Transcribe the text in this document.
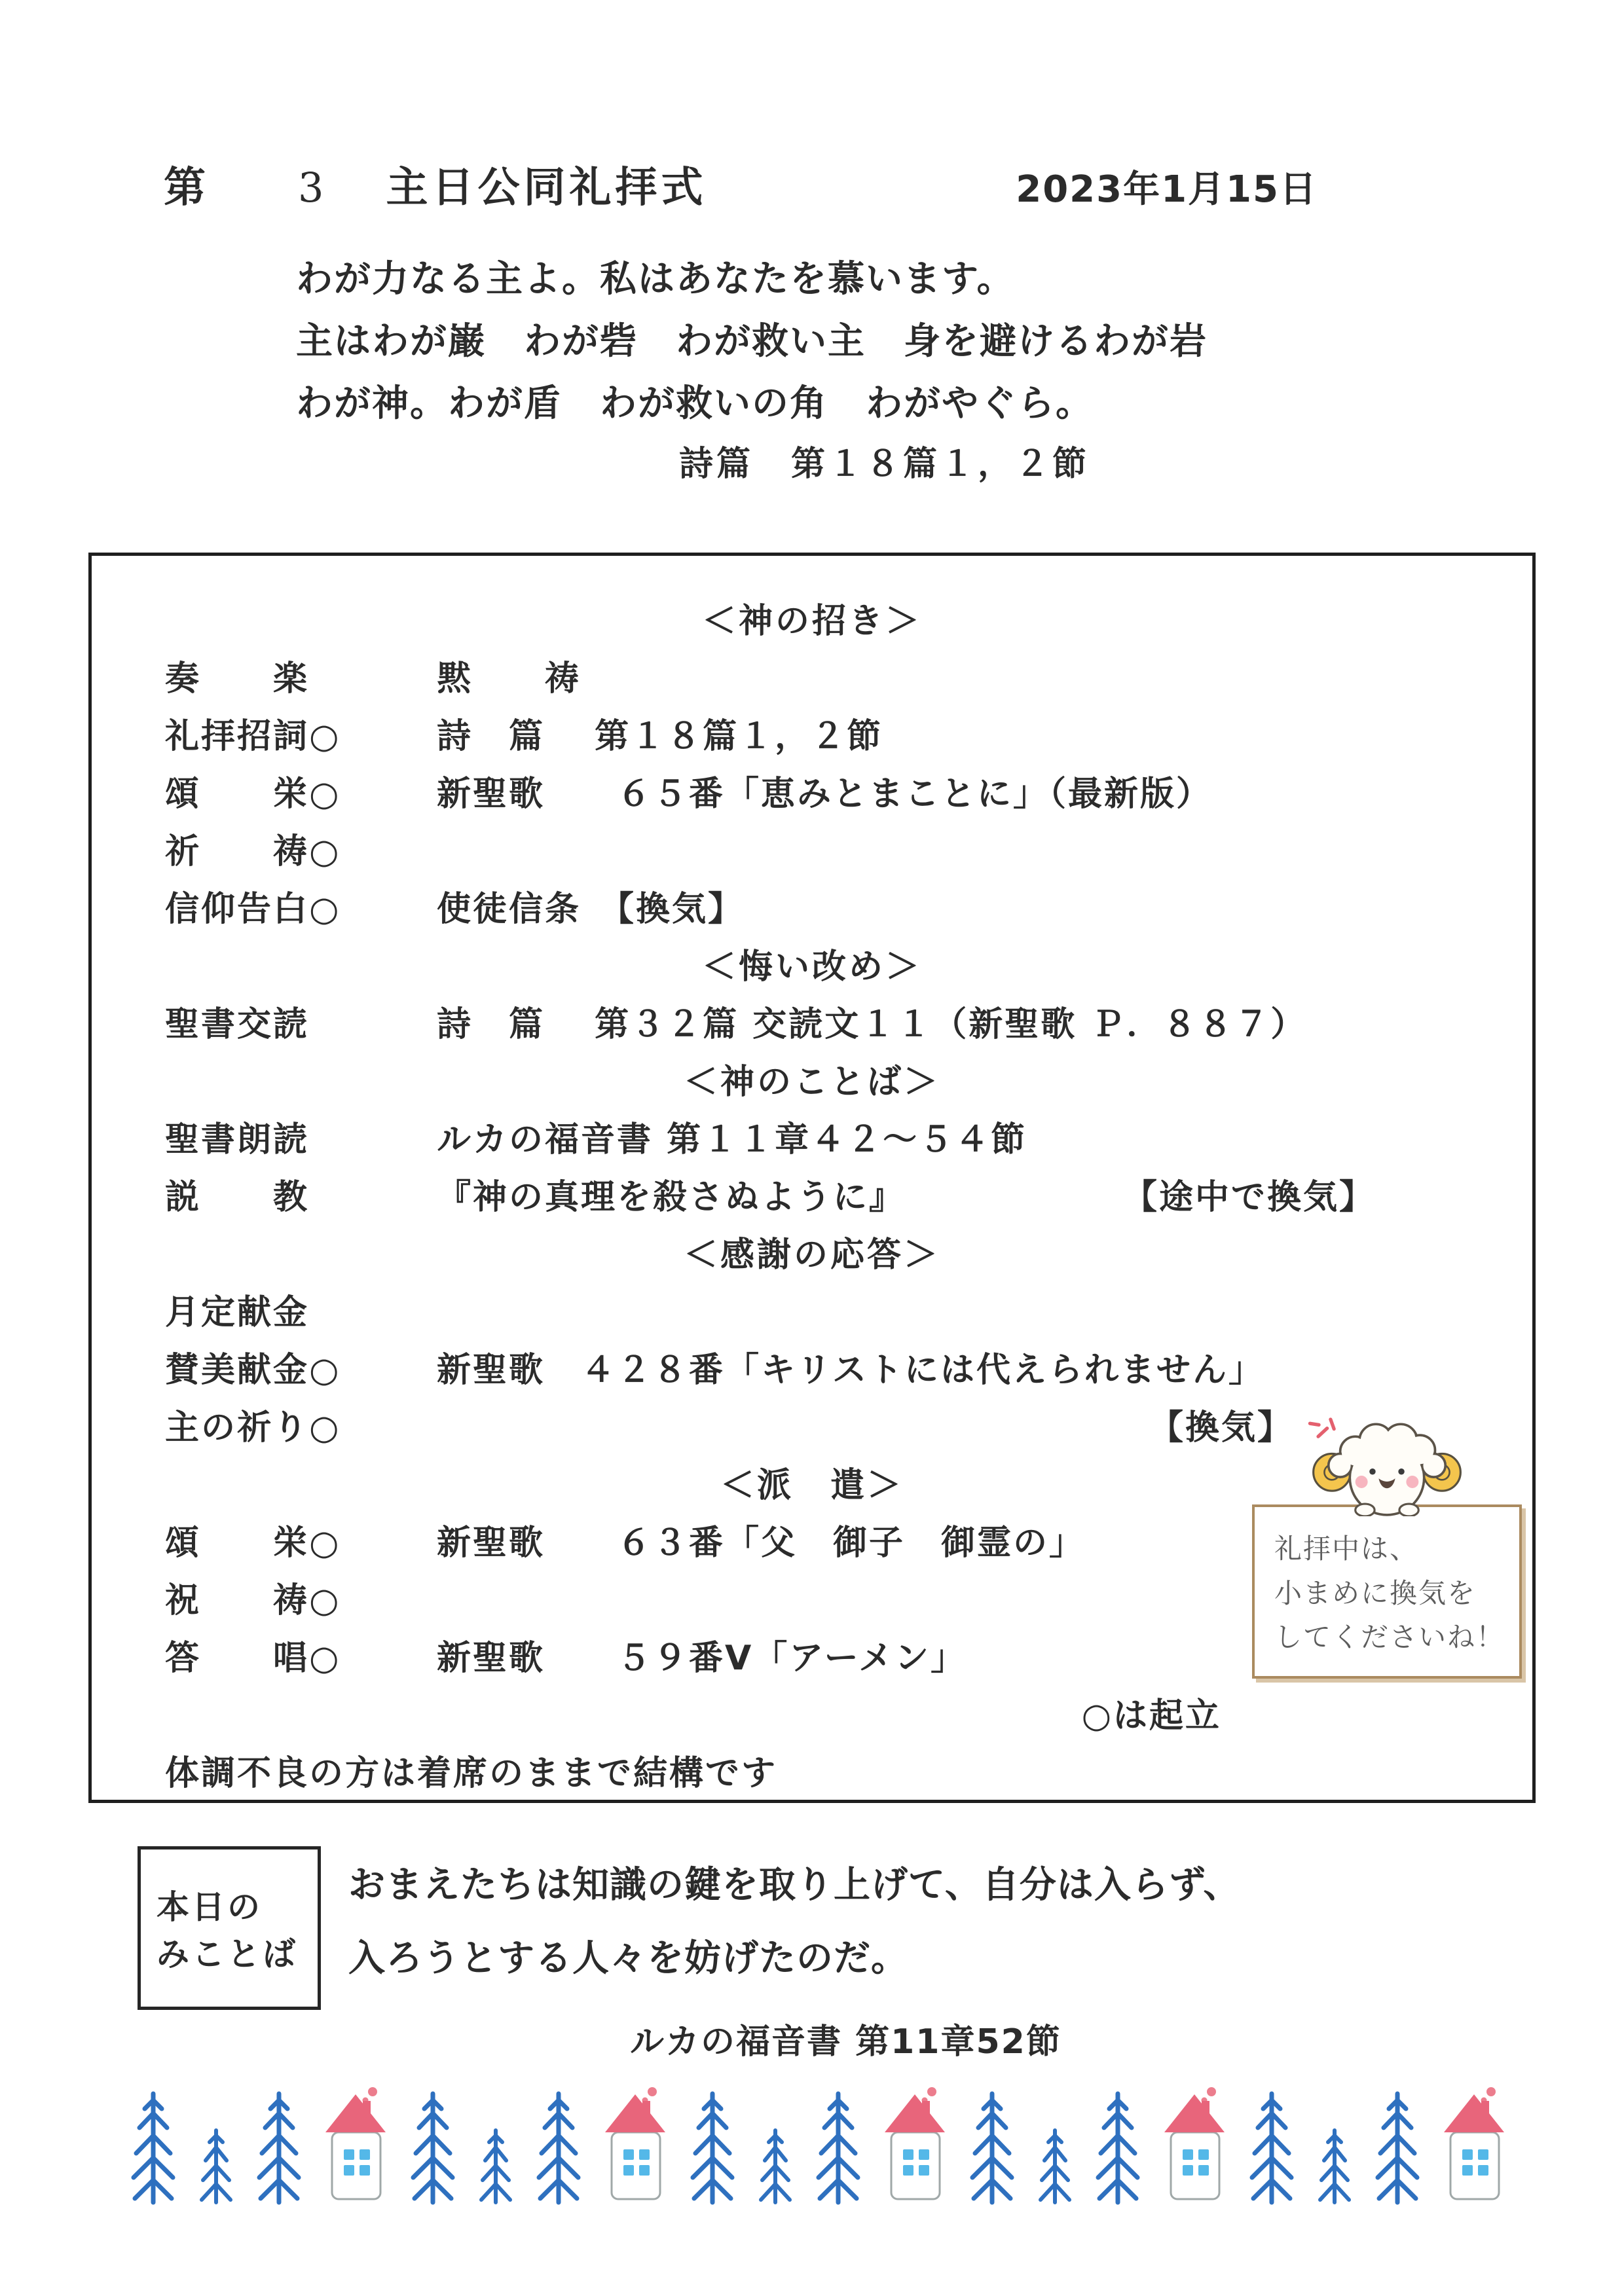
第 3 主日公同礼拝式	2023年1月15日
わが力なる主よ。私はあなたを慕います。
主はわが巌　わが砦　わが救い主　身を避けるわが岩
わが神。わが盾　わが救いの角　わがやぐら。
詩篇　第１８篇１，２節
＜神の招き＞
奏　　楽	黙　　祷
礼拝招詞○	詩　篇　 第１８篇１，２節
頌　　栄○	新聖歌　　６５番「恵みとまことに」（最新版）
祈　　祷○
信仰告白○	使徒信条　【換気】
＜悔い改め＞
聖書交読	詩　篇　 第３２篇 交読文１１（新聖歌 Ｐ．８８７）
＜神のことば＞
聖書朗読	ルカの福音書 第１１章４２～５４節
説　　教	『神の真理を殺さぬように』	【途中で換気】
＜感謝の応答＞
月定献金
賛美献金○	新聖歌　４２８番「キリストには代えられません」
主の祈り○	【換気】
＜派　遣＞
頌　　栄○	新聖歌　　６３番「父　御子　御霊の」
祝　　祷○
答　　唱○	新聖歌　　５９番V「アーメン」
○は起立
体調不良の方は着席のままで結構です
礼拝中は、
小まめに換気を
してくださいね！
本日の
みことば
おまえたちは知識の鍵を取り上げて、自分は入らず、
入ろうとする人々を妨げたのだ。
ルカの福音書 第11章52節
